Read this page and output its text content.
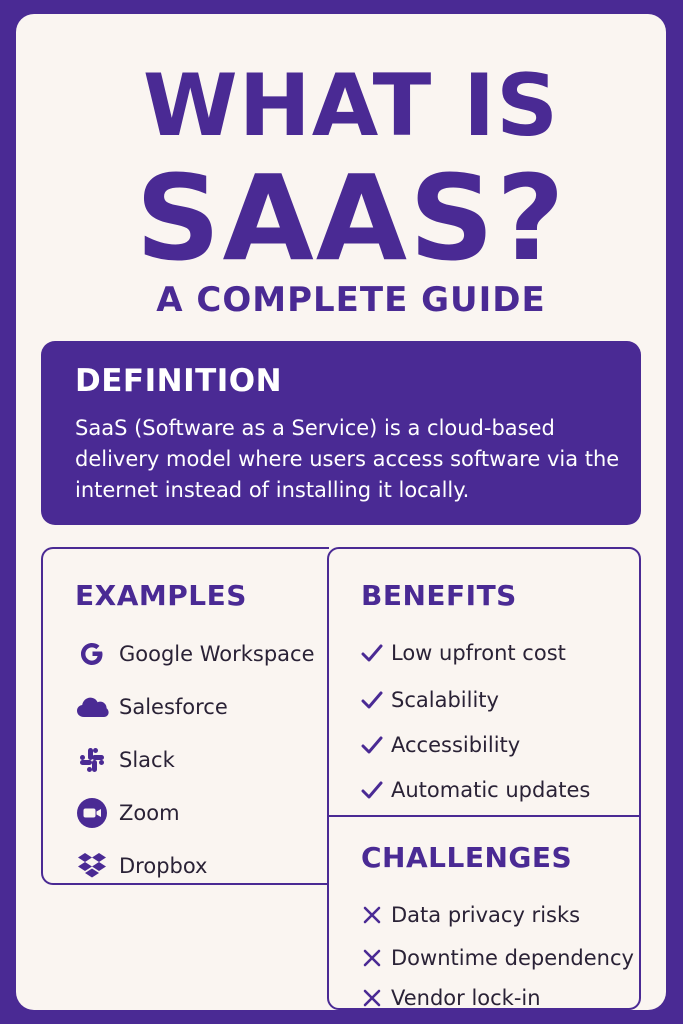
WHAT IS
SAAS?
A COMPLETE GUIDE
DEFINITION
SaaS (Software as a Service) is a cloud-based delivery model where users access software via the internet instead of installing it locally.
EXAMPLES
Google Workspace
Salesforce
Slack
Zoom
Dropbox
BENEFITS
Low upfront cost
Scalability
Accessibility
Automatic updates
CHALLENGES
Data privacy risks
Downtime dependency
Vendor lock-in
